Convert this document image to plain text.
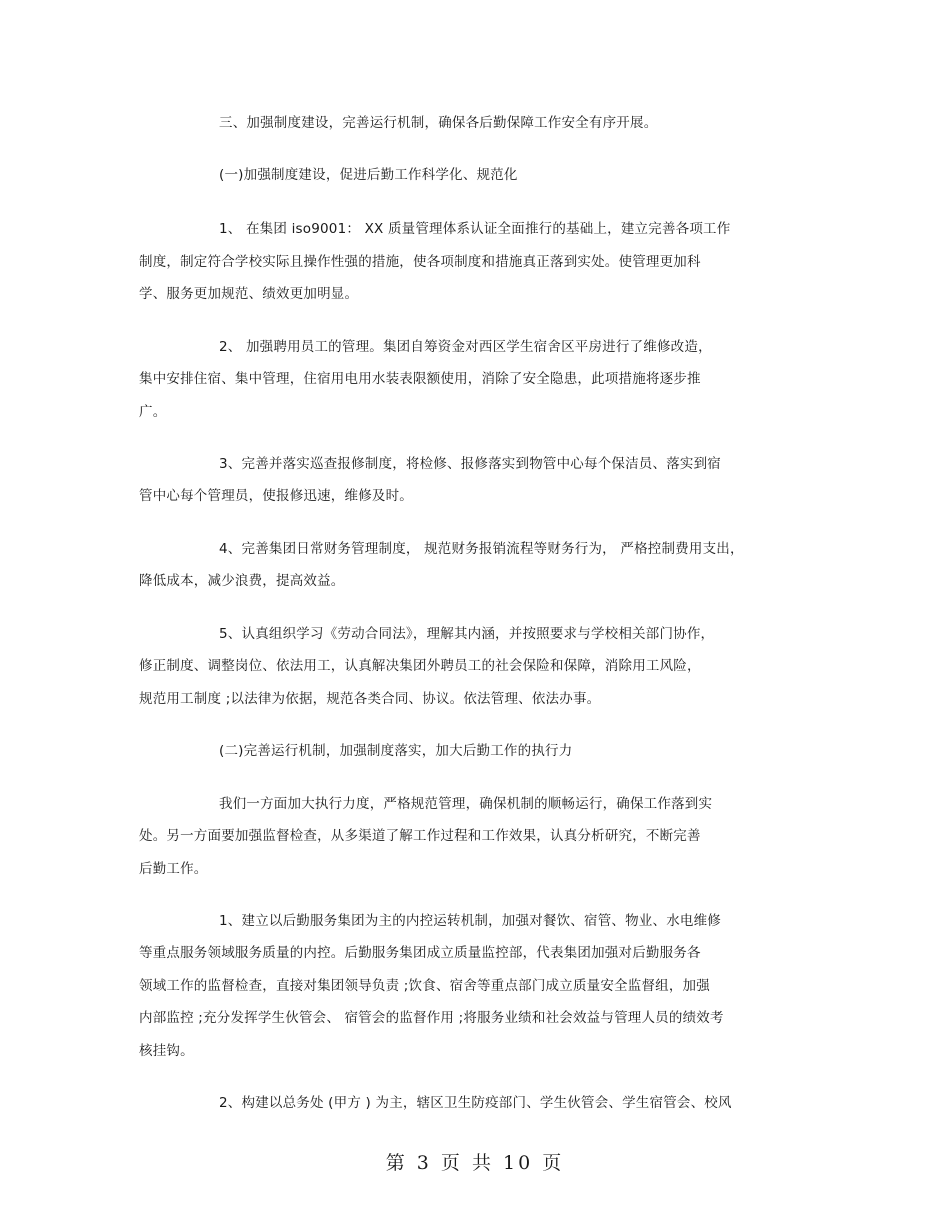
三、加强制度建设，完善运行机制，确保各后勤保障工作安全有序开展。
(一)加强制度建设，促进后勤工作科学化、规范化
1、 在集团 iso9001： XX 质量管理体系认证全面推行的基础上，建立完善各项工作
制度，制定符合学校实际且操作性强的措施，使各项制度和措施真正落到实处。使管理更加科
学、服务更加规范、绩效更加明显。
2、 加强聘用员工的管理。集团自筹资金对西区学生宿舍区平房进行了维修改造，
集中安排住宿、集中管理，住宿用电用水装表限额使用，消除了安全隐患，此项措施将逐步推
广。
3、完善并落实巡查报修制度，将检修、报修落实到物管中心每个保洁员、落实到宿
管中心每个管理员，使报修迅速，维修及时。
4、完善集团日常财务管理制度， 规范财务报销流程等财务行为， 严格控制费用支出，
降低成本，减少浪费，提高效益。
5、认真组织学习《劳动合同法》，理解其内涵，并按照要求与学校相关部门协作，
修正制度、调整岗位、依法用工，认真解决集团外聘员工的社会保险和保障，消除用工风险，
规范用工制度 ;以法律为依据，规范各类合同、协议。依法管理、依法办事。
(二)完善运行机制，加强制度落实，加大后勤工作的执行力
我们一方面加大执行力度，严格规范管理，确保机制的顺畅运行，确保工作落到实
处。另一方面要加强监督检查，从多渠道了解工作过程和工作效果，认真分析研究，不断完善
后勤工作。
1、建立以后勤服务集团为主的内控运转机制，加强对餐饮、宿管、物业、水电维修
等重点服务领域服务质量的内控。后勤服务集团成立质量监控部，代表集团加强对后勤服务各
领域工作的监督检查，直接对集团领导负责 ;饮食、宿舍等重点部门成立质量安全监督组，加强
内部监控 ;充分发挥学生伙管会、 宿管会的监督作用 ;将服务业绩和社会效益与管理人员的绩效考
核挂钩。
2、构建以总务处 (甲方 ) 为主，辖区卫生防疫部门、学生伙管会、学生宿管会、校风
第 3 页 共 10 页
